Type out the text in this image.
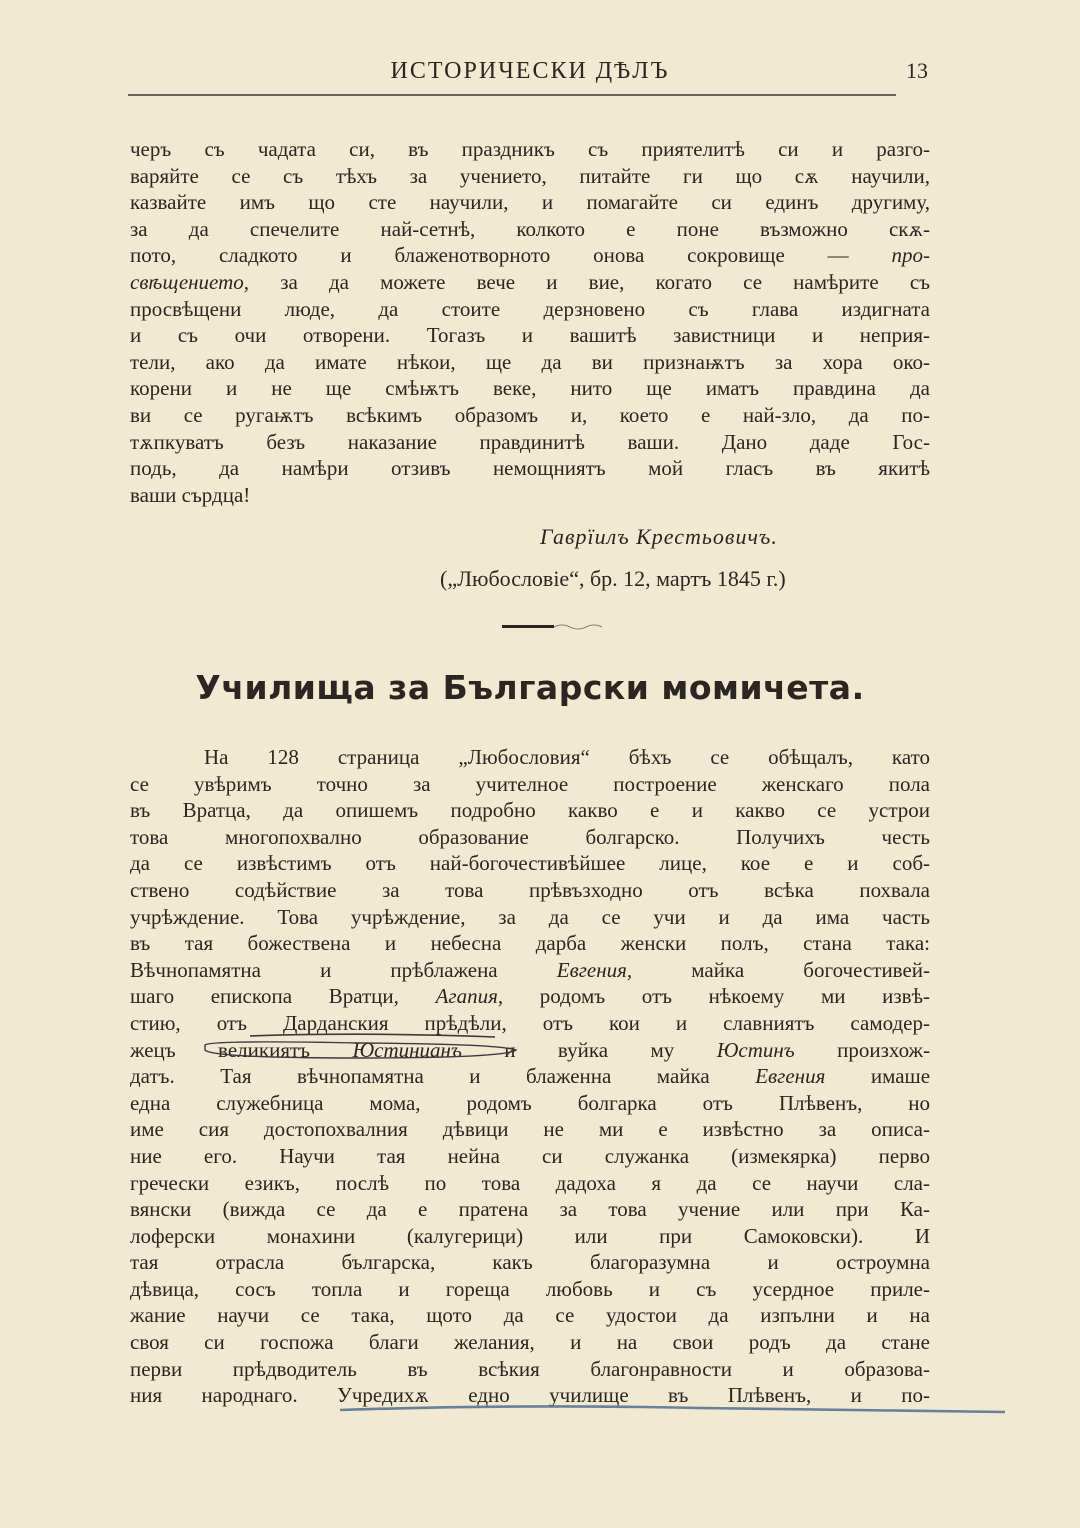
ИСТОРИЧЕСКИ ДѢЛЪ	13
черъ съ чадата си, въ праздникъ съ приятелитѣ си и разго-
варяйте се съ тѣхъ за учението, питайте ги що сѫ научили,
казвайте имъ що сте научили, и помагайте си единъ другиму,
за да спечелите най-сетнѣ, колкото е поне възможно скѫ-
пото, сладкото и блаженотворното онова сокровище — про-
свѣщението, за да можете вече и вие, когато се намѣрите съ
просвѣщени люде, да стоите дерзновено съ глава издигната
и съ очи отворени. Тогазъ и вашитѣ завистници и неприя-
тели, ако да имате нѣкои, ще да ви признаѭтъ за хора око-
корени и не ще смѣѭтъ веке, нито ще иматъ правдина да
ви се ругаѭтъ всѣкимъ образомъ и, което е най-зло, да по-
тѫпкуватъ безъ наказание правдинитѣ ваши. Дано даде Гос-
подь, да намѣри отзивъ немощниятъ мой гласъ въ якитѣ
ваши сърдца!
Гаврїилъ Крестьовичъ.
(„Любословіе“, бр. 12, мартъ 1845 г.)
Училища за Български момичета.
На 128 страница „Любословия“ бѣхъ се обѣщалъ, като
се увѣримъ точно за учителное построение женскаго пола
въ Вратца, да опишемъ подробно какво е и какво се устрои
това многопохвално образование болгарско. Получихъ честь
да се извѣстимъ отъ най-богочестивѣйшее лице, кое е и соб-
ствено содѣйствие за това прѣвъзходно отъ всѣка похвала
учрѣждение. Това учрѣждение, за да се учи и да има часть
въ тая божествена и небесна дарба женски полъ, стана така:
Вѣчнопамятна и прѣблажена	Евгения,	майка богочестивей-
шаго епископа Вратци, Агапия, родомъ отъ нѣкоему ми извѣ-
стию, отъ Дарданския прѣдѣли, отъ кои и славниятъ самодер-
жецъ великиятъ Юстинианъ и вуйка му Юстинъ произхож-
датъ. Тая вѣчнопамятна и блаженна майка Евгения имаше
една служебница мома, родомъ болгарка отъ Плѣвенъ, но
име сия достопохвалния дѣвици не ми е извѣстно за описа-
ние его. Научи тая нейна си служанка (измекярка) перво
гречески езикъ, послѣ по това дадоха я да се научи сла-
вянски (вижда се да е пратена за това учение или при Ка-
лоферски монахини (калугерици) или при Самоковски). И
тая отрасла българска, какъ благоразумна и остроумна
дѣвица, сосъ топла и гореща любовь и съ усердное приле-
жание научи се така, щото да се удостои да изпълни и на
своя си госпожа благи желания, и на свои родъ да стане
перви прѣдводитель въ всѣкия благонравности и образова-
ния народнаго. Учредихѫ едно училище въ Плѣвенъ, и по-
